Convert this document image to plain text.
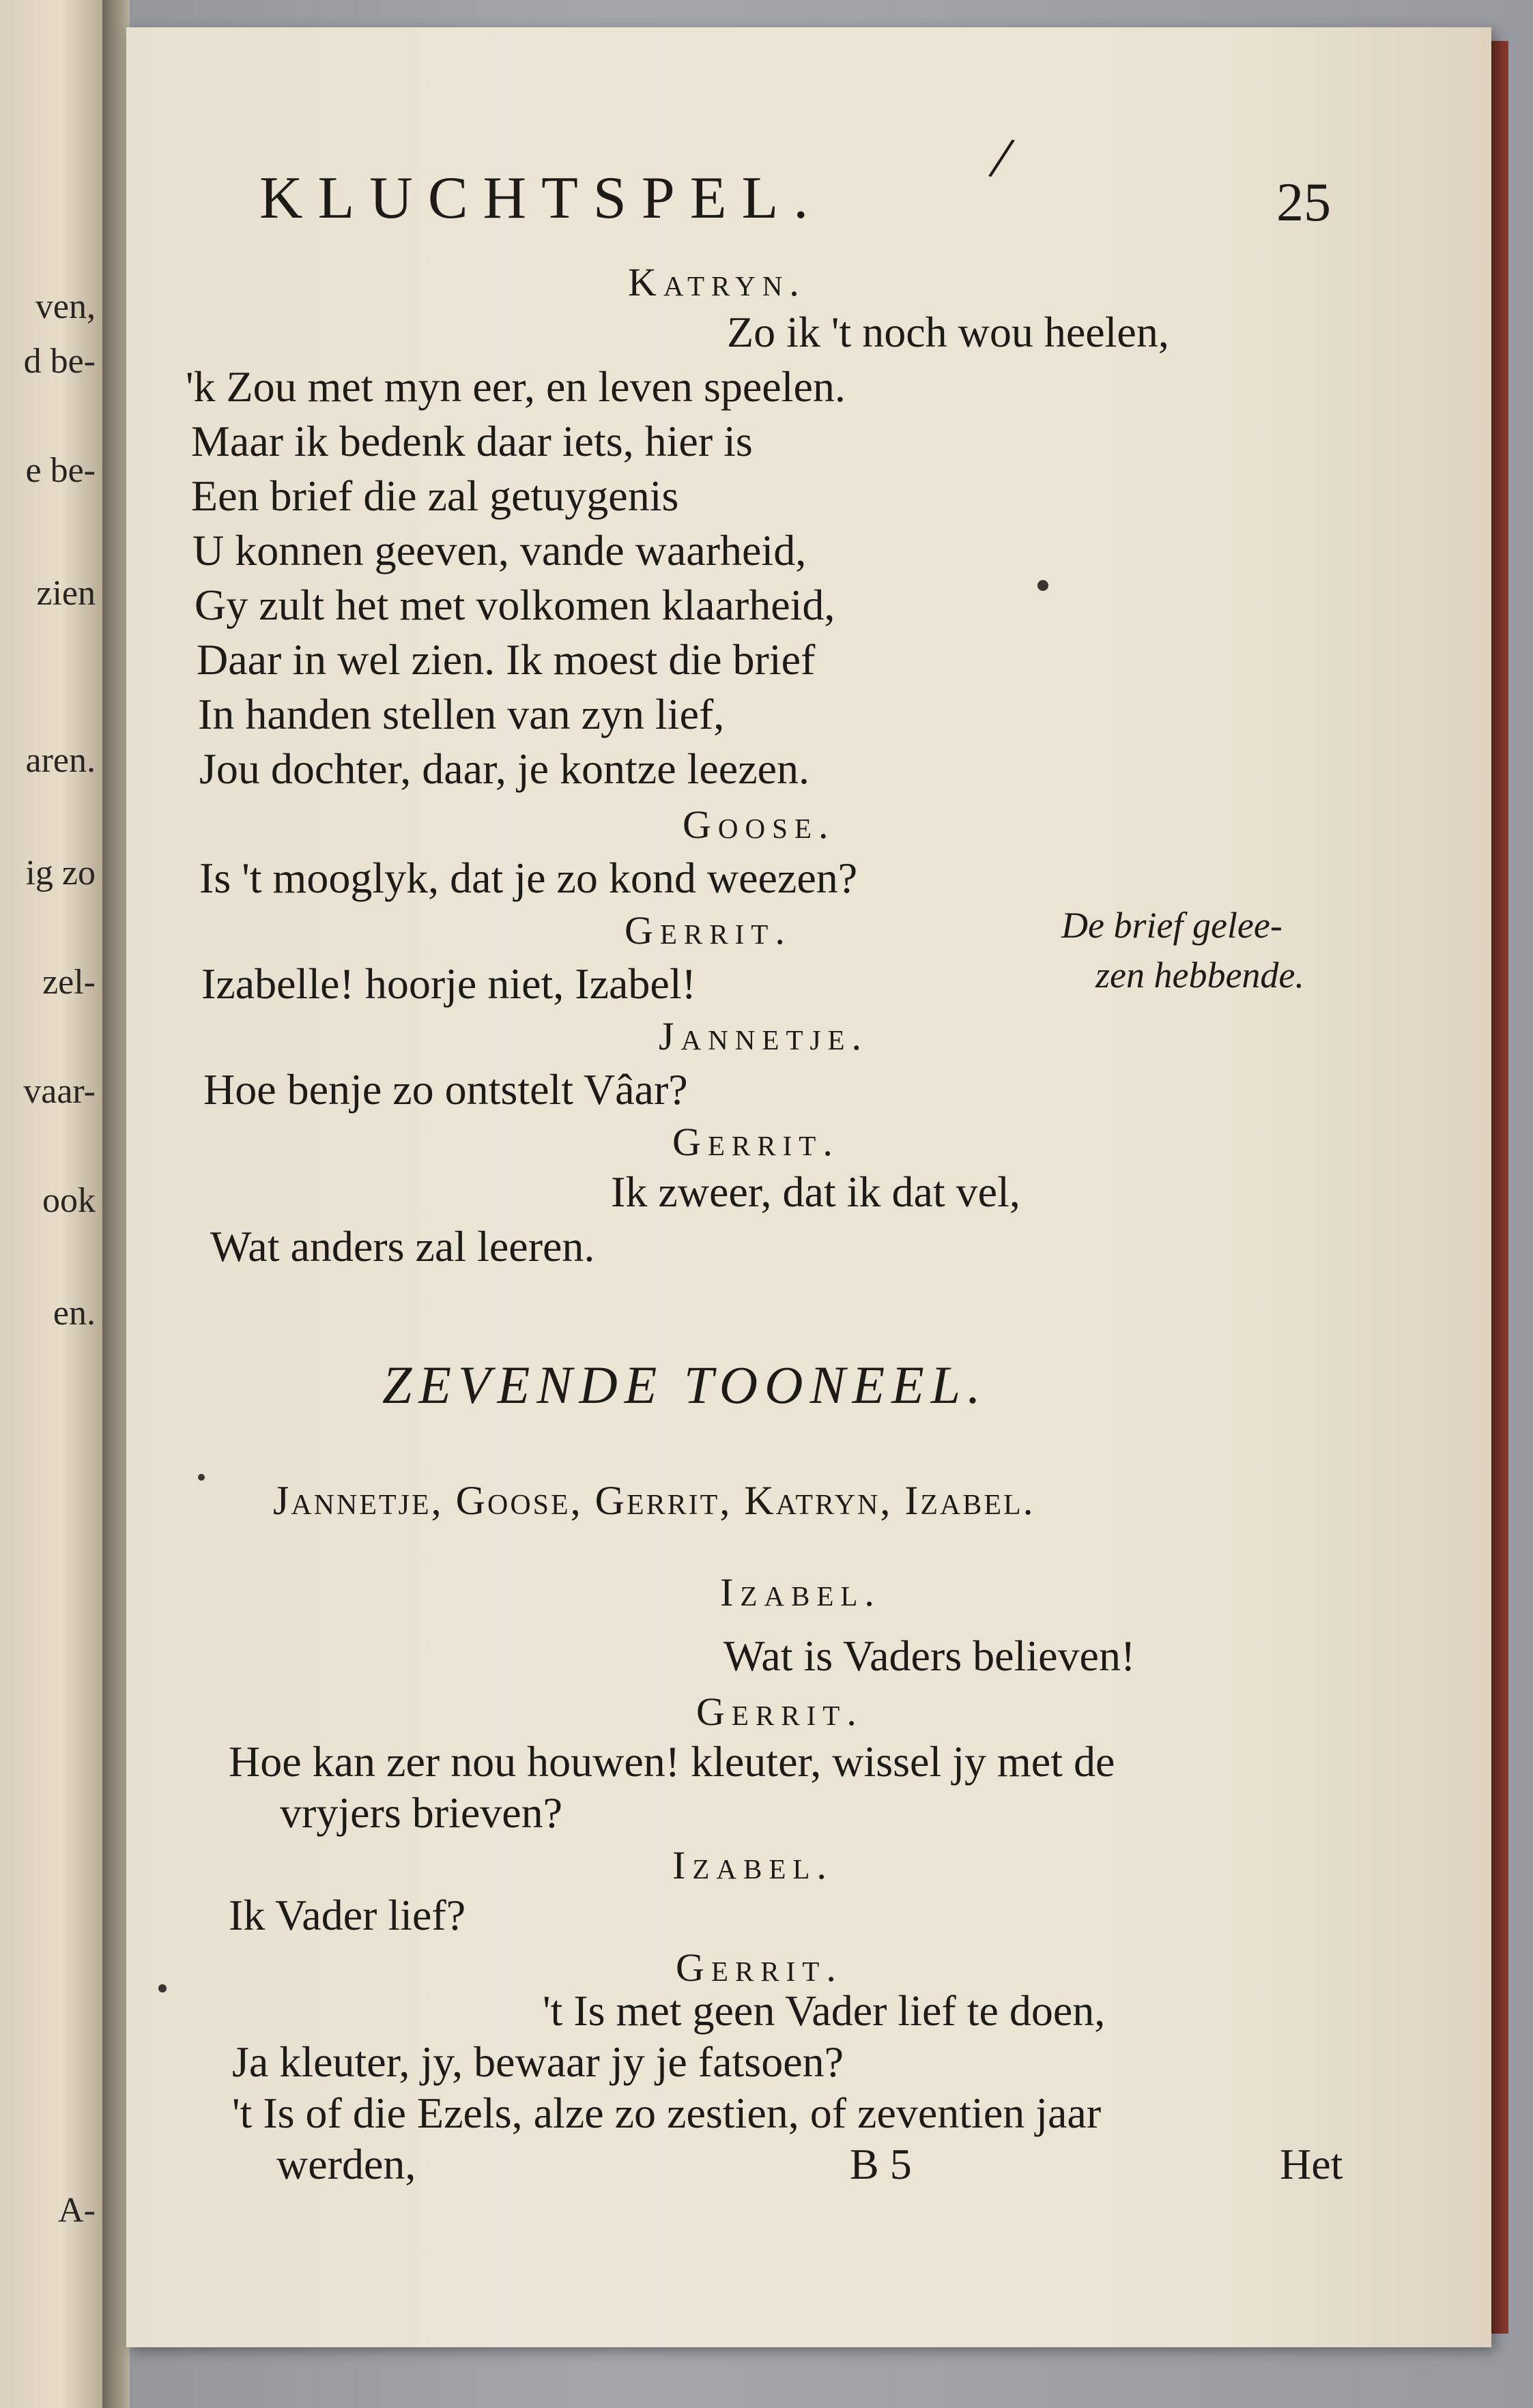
ven,
d be-
e be-
zien
aren.
ig zo
zel-
vaar-
ook
en.
A-
KLUCHTSPEL.
/
25
Katryn.
Zo ik 't noch wou heelen,
'k Zou met myn eer, en leven speelen.
Maar ik bedenk daar iets, hier is
Een brief die zal getuygenis
U konnen geeven, vande waarheid,
Gy zult het met volkomen klaarheid,
Daar in wel zien. Ik moest die brief
In handen stellen van zyn lief,
Jou dochter, daar, je kontze leezen.
Goose.
Is 't mooglyk, dat je zo kond weezen?
Gerrit.	De brief gelee-
zen hebbende.
Izabelle! hoorje niet, Izabel!
Jannetje.
Hoe benje zo ontstelt Vâar?
Gerrit.
Ik zweer, dat ik dat vel,
Wat anders zal leeren.
ZEVENDE TOONEEL.
Jannetje, Goose, Gerrit, Katryn, Izabel.
Izabel.
Wat is Vaders believen!
Gerrit.
Hoe kan zer nou houwen! kleuter, wissel jy met de
vryjers brieven?
Izabel.
Ik Vader lief?
Gerrit.
't Is met geen Vader lief te doen,
Ja kleuter, jy, bewaar jy je fatsoen?
't Is of die Ezels, alze zo zestien, of zeventien jaar
werden,	B 5	Het
